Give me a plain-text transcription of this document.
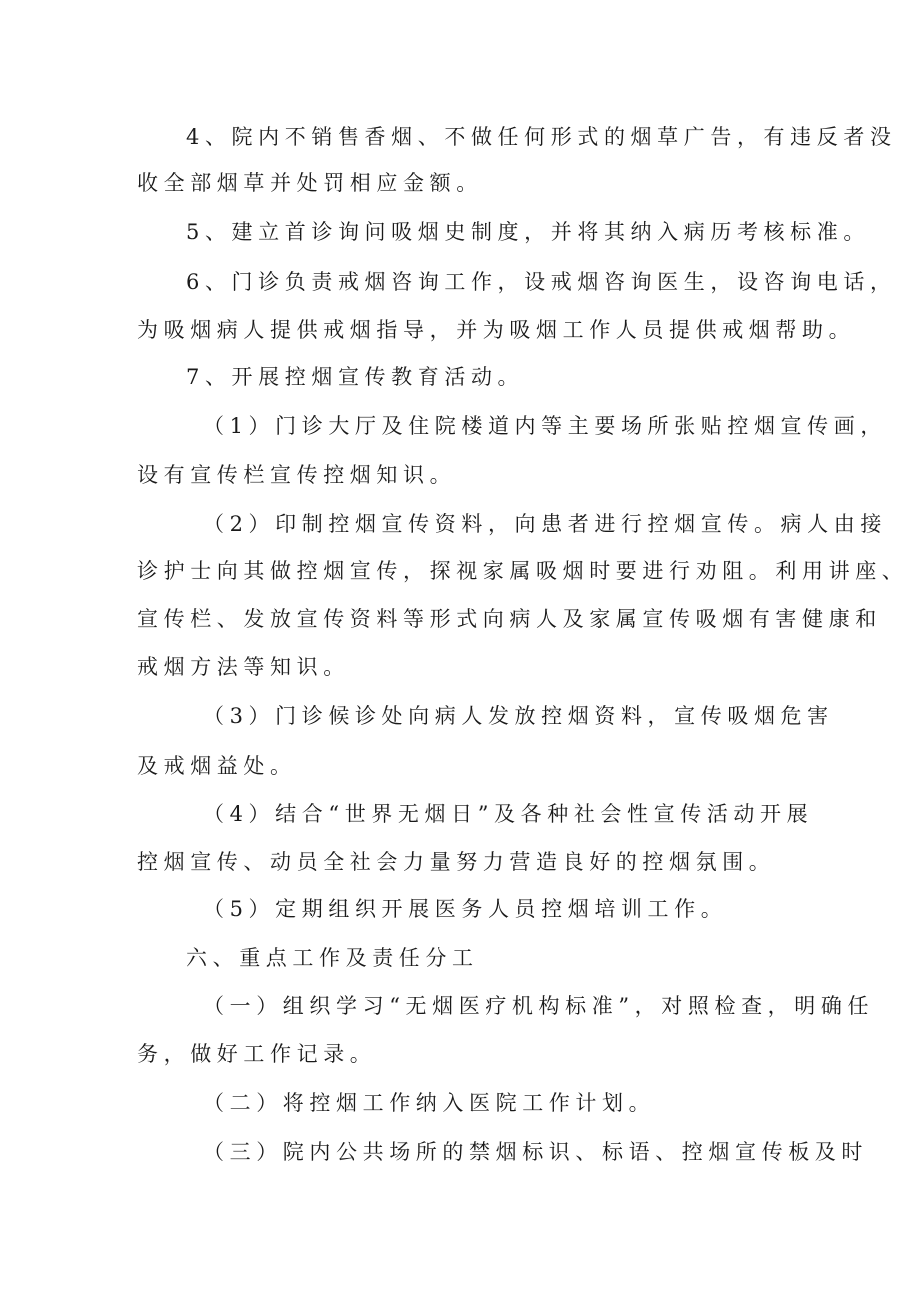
4、院内不销售香烟、不做任何形式的烟草广告，有违反者没
收全部烟草并处罚相应金额。
5、建立首诊询问吸烟史制度，并将其纳入病历考核标准。
6、门诊负责戒烟咨询工作，设戒烟咨询医生，设咨询电话，
为吸烟病人提供戒烟指导，并为吸烟工作人员提供戒烟帮助。
7、开展控烟宣传教育活动。
（1）门诊大厅及住院楼道内等主要场所张贴控烟宣传画，
设有宣传栏宣传控烟知识。
（2）印制控烟宣传资料，向患者进行控烟宣传。病人由接
诊护士向其做控烟宣传，探视家属吸烟时要进行劝阻。利用讲座、
宣传栏、发放宣传资料等形式向病人及家属宣传吸烟有害健康和
戒烟方法等知识。
（3）门诊候诊处向病人发放控烟资料，宣传吸烟危害
及戒烟益处。
（4）结合“世界无烟日”及各种社会性宣传活动开展
控烟宣传、动员全社会力量努力营造良好的控烟氛围。
（5）定期组织开展医务人员控烟培训工作。
六、重点工作及责任分工
（一）组织学习“无烟医疗机构标准”，对照检查，明确任
务，做好工作记录。
（二）将控烟工作纳入医院工作计划。
（三）院内公共场所的禁烟标识、标语、控烟宣传板及时
